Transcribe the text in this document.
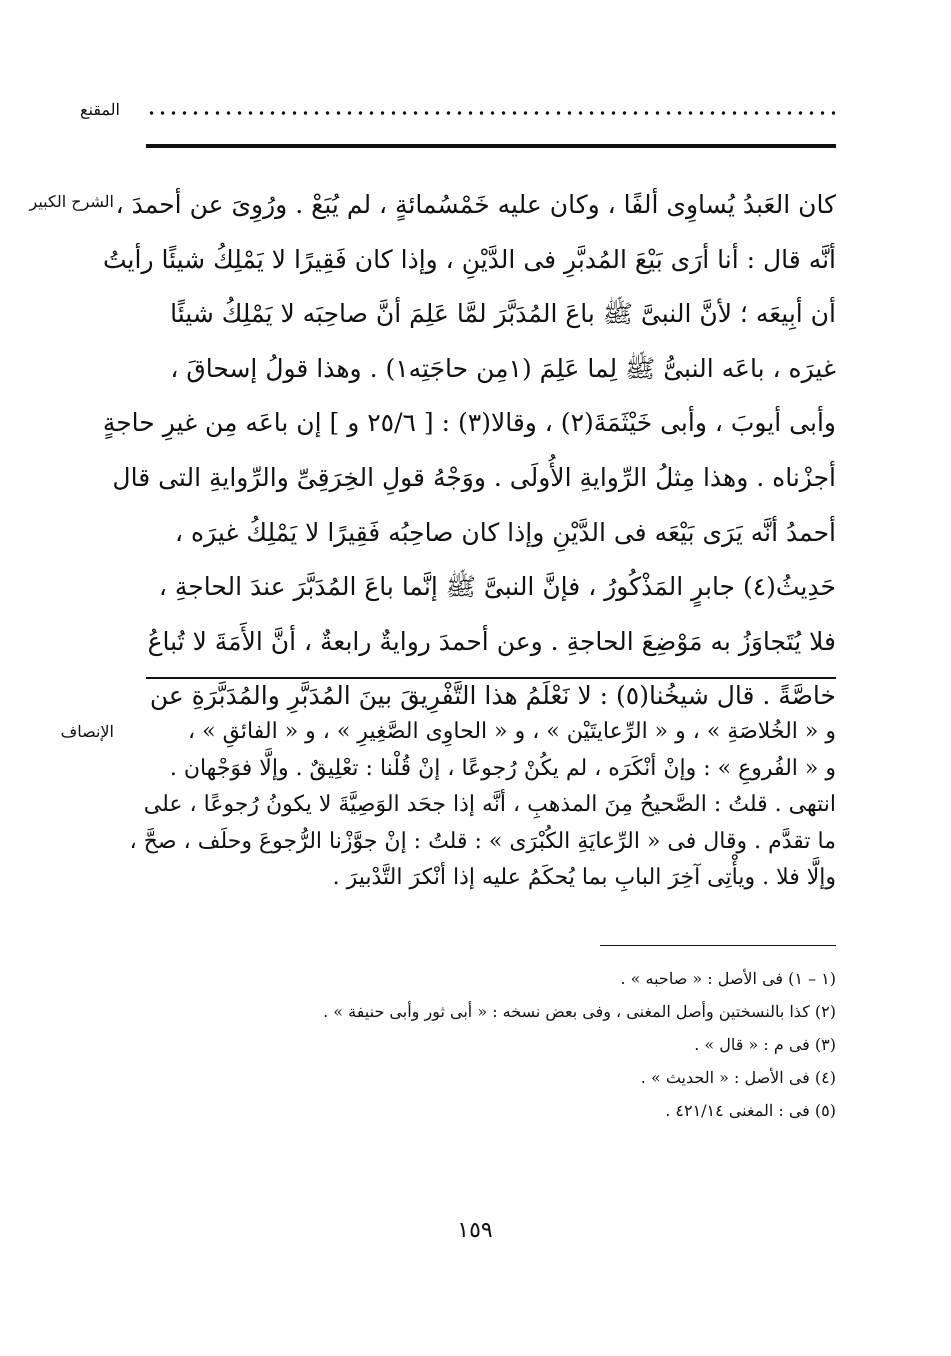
المقنع
الشرح الكبير كان العَبدُ يُساوِى ألفًا ، وكان عليه خَمْسُمائةٍ ، لم يُبَعْ . ورُوِىَ عن أحمدَ ،
أنَّه قال : أنا أرَى بَيْعَ المُدبَّرِ فى الدَّيْنِ ، وإذا كان فَقِيرًا لا يَمْلِكُ شيئًا رأيتُ
أن أبِيعَه ؛ لأنَّ النبىَّ ﷺ باعَ المُدَبَّرَ لمَّا عَلِمَ أنَّ صاحِبَه لا يَمْلِكُ شيئًا
غيرَه ، باعَه النبىُّ ﷺ لِما عَلِمَ (١مِن حاجَتِه١) . وهذا قولُ إسحاقَ ،
وأبى أيوبَ ، وأبى خَيْثَمَةَ(٢) ، وقالا(٣) : [ ٢٥/٦ و ] إن باعَه مِن غيرِ حاجةٍ
أجزْناه . وهذا مِثلُ الرِّوايةِ الأُولَى . ووَجْهُ قولِ الخِرَقِىِّ والرِّوايةِ التى قال
أحمدُ أنَّه يَرَى بَيْعَه فى الدَّيْنِ وإذا كان صاحِبُه فَقِيرًا لا يَمْلِكُ غيرَه ،
حَدِيثُ(٤) جابرٍ المَذْكُورُ ، فإنَّ النبىَّ ﷺ إنَّما باعَ المُدَبَّرَ عندَ الحاجةِ ،
فلا يُتَجاوَزُ به مَوْضِعَ الحاجةِ . وعن أحمدَ روايةٌ رابعةٌ ، أنَّ الأَمَةَ لا تُباعُ
خاصَّةً . قال شيخُنا(٥) : لا نَعْلَمُ هذا التَّفْرِيقَ بينَ المُدَبَّرِ والمُدَبَّرَةِ عن
الإنصاف	و « الخُلاصَةِ » ، و « الرِّعايتَيْن » ، و « الحاوِى الصَّغِيرِ » ، و « الفائقِ » ،
و « الفُروعِ » : وإنْ أنْكَرَه ، لم يكُنْ رُجوعًا ، إنْ قُلْنا : تعْلِيقٌ . وإلَّا فوَجْهان .
انتهى . قلتُ : الصَّحيحُ مِنَ المذهبِ ، أنَّه إذا جحَد الوَصِيَّةَ لا يكونُ رُجوعًا ، على
ما تقدَّم . وقال فى « الرِّعايَةِ الكُبْرَى » : قلتُ : إنْ جوَّزْنا الرُّجوعَ وحلَف ، صحَّ ،
وإلَّا فلا . ويأْتِى آخِرَ البابِ بما يُحكَمُ عليه إذا أنْكرَ التَّدْبيرَ .
(١ – ١) فى الأصل : « صاحبه » .
(٢) كذا بالنسختين وأصل المغنى ، وفى بعض نسخه : « أبى ثور وأبى حنيفة » .
(٣) فى م : « قال » .
(٤) فى الأصل : « الحديث » .
(٥) فى : المغنى ٤٢١/١٤ .
١٥٩
